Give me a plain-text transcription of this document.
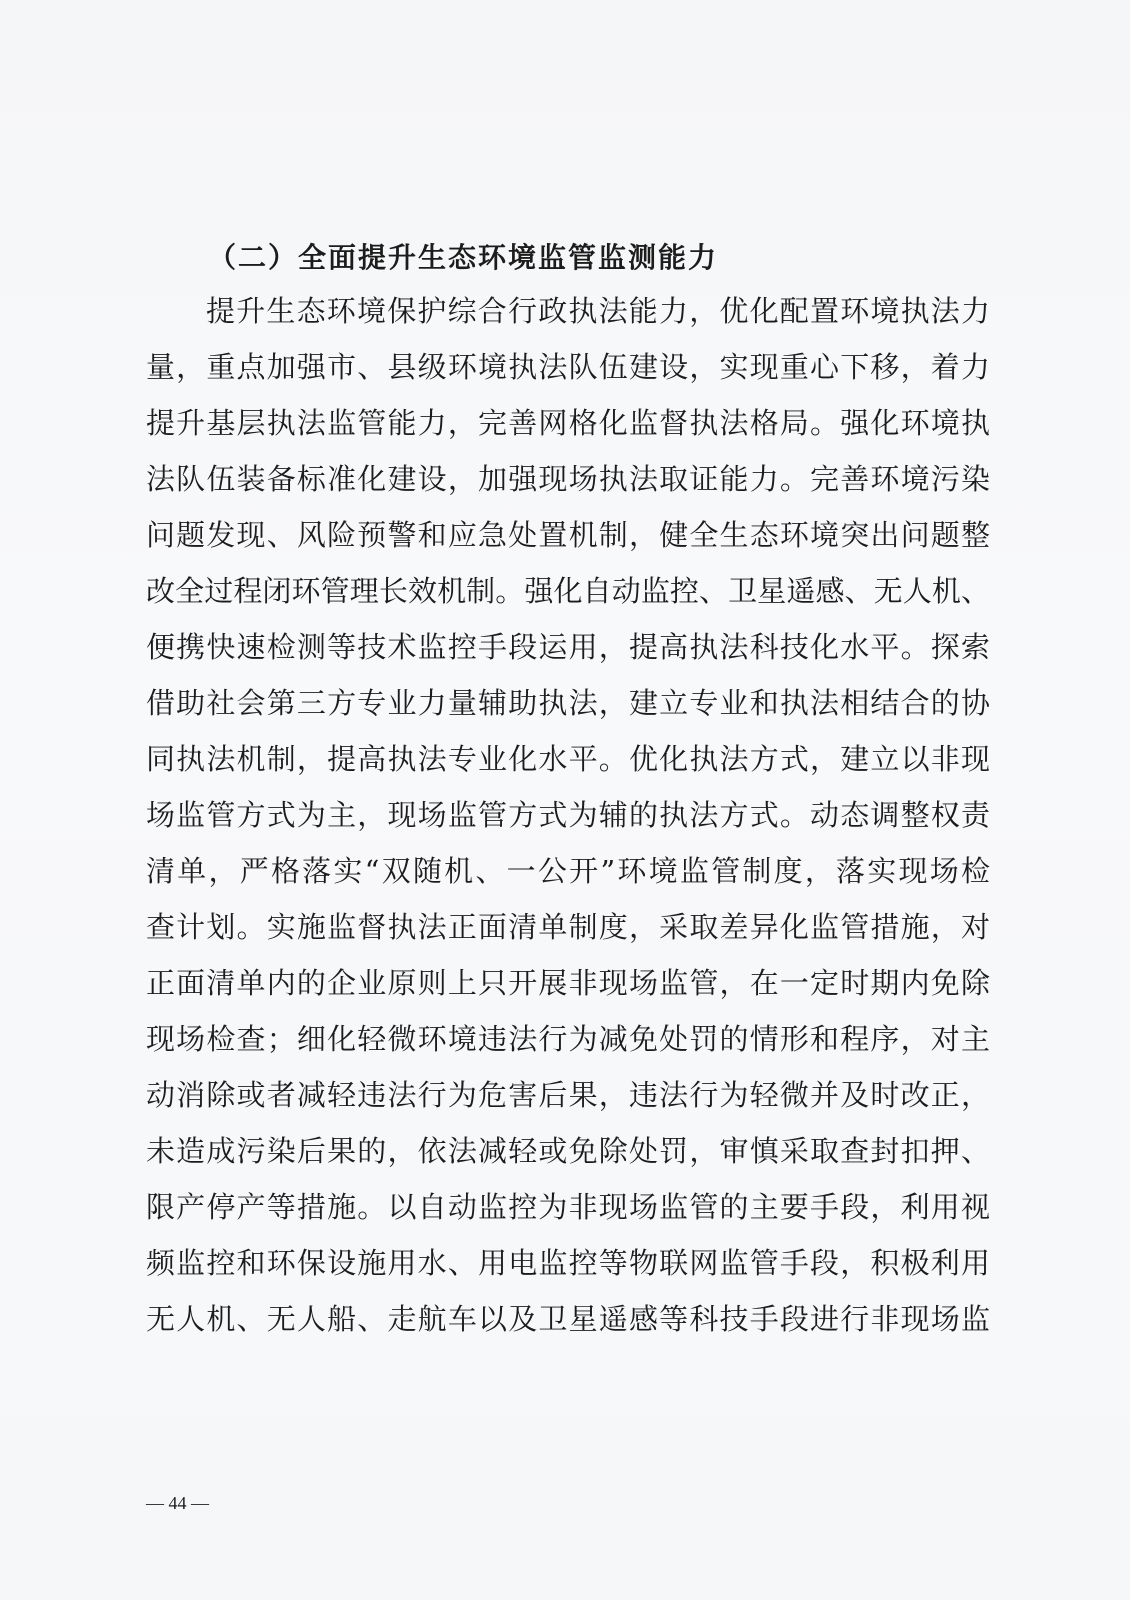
（二）全面提升生态环境监管监测能力
提升生态环境保护综合行政执法能力，优化配置环境执法力
量，重点加强市、县级环境执法队伍建设，实现重心下移，着力
提升基层执法监管能力，完善网格化监督执法格局。强化环境执
法队伍装备标准化建设，加强现场执法取证能力。完善环境污染
问题发现、风险预警和应急处置机制，健全生态环境突出问题整
改全过程闭环管理长效机制。强化自动监控、卫星遥感、无人机、
便携快速检测等技术监控手段运用，提高执法科技化水平。探索
借助社会第三方专业力量辅助执法，建立专业和执法相结合的协
同执法机制，提高执法专业化水平。优化执法方式，建立以非现
场监管方式为主，现场监管方式为辅的执法方式。动态调整权责
清单，严格落实“双随机、一公开”环境监管制度，落实现场检
查计划。实施监督执法正面清单制度，采取差异化监管措施，对
正面清单内的企业原则上只开展非现场监管，在一定时期内免除
现场检查；细化轻微环境违法行为减免处罚的情形和程序，对主
动消除或者减轻违法行为危害后果，违法行为轻微并及时改正，
未造成污染后果的，依法减轻或免除处罚，审慎采取查封扣押、
限产停产等措施。以自动监控为非现场监管的主要手段，利用视
频监控和环保设施用水、用电监控等物联网监管手段，积极利用
无人机、无人船、走航车以及卫星遥感等科技手段进行非现场监
— 44 —
